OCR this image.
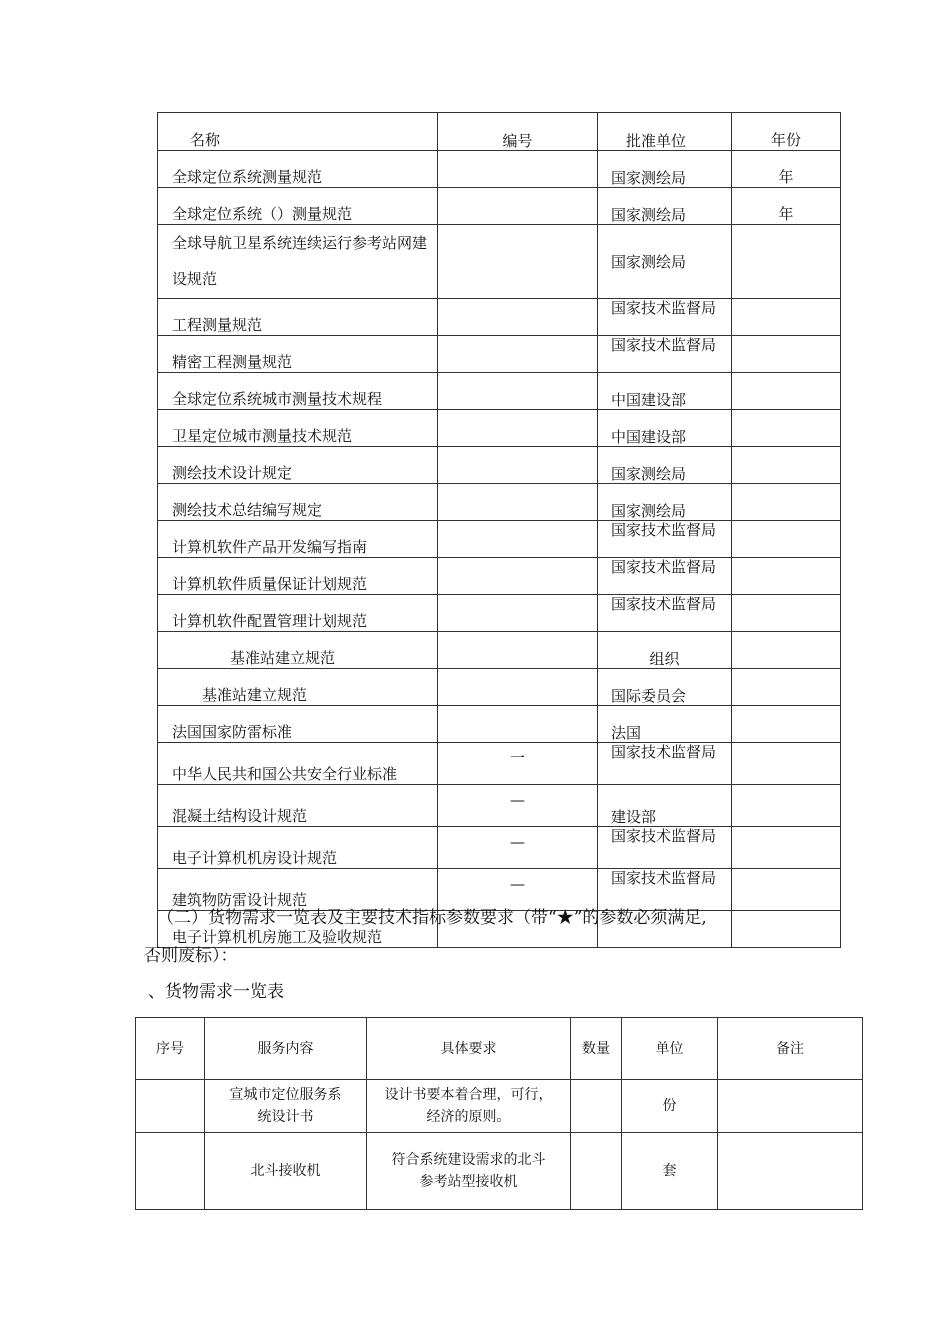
名称	编号	批准单位	年份
全球定位系统测量规范		国家测绘局	年
全球定位系统（）测量规范		国家测绘局	年
全球导航卫星系统连续运行参考站网建设规范		国家测绘局	
工程测量规范		国家技术监督局	
精密工程测量规范		国家技术监督局	
全球定位系统城市测量技术规程		中国建设部	
卫星定位城市测量技术规范		中国建设部	
测绘技术设计规定		国家测绘局	
测绘技术总结编写规定		国家测绘局	
计算机软件产品开发编写指南		国家技术监督局	
计算机软件质量保证计划规范		国家技术监督局	
计算机软件配置管理计划规范		国家技术监督局	
基准站建立规范		组织	
基准站建立规范		国际委员会	
法国国家防雷标准		法国	
中华人民共和国公共安全行业标准	一	国家技术监督局	
混凝土结构设计规范	—	建设部	
电子计算机机房设计规范	—	国家技术监督局	
建筑物防雷设计规范	—	国家技术监督局	
电子计算机机房施工及验收规范			
（二）货物需求一览表及主要技术指标参数要求（带“★”的参数必须满足,
否则废标）：
、货物需求一览表
序号	服务内容	具体要求	数量	单位	备注
	宣城市定位服务系统设计书	设计书要本着合理，可行，经济的原则。		份	
	北斗接收机	符合系统建设需求的北斗参考站型接收机		套	
